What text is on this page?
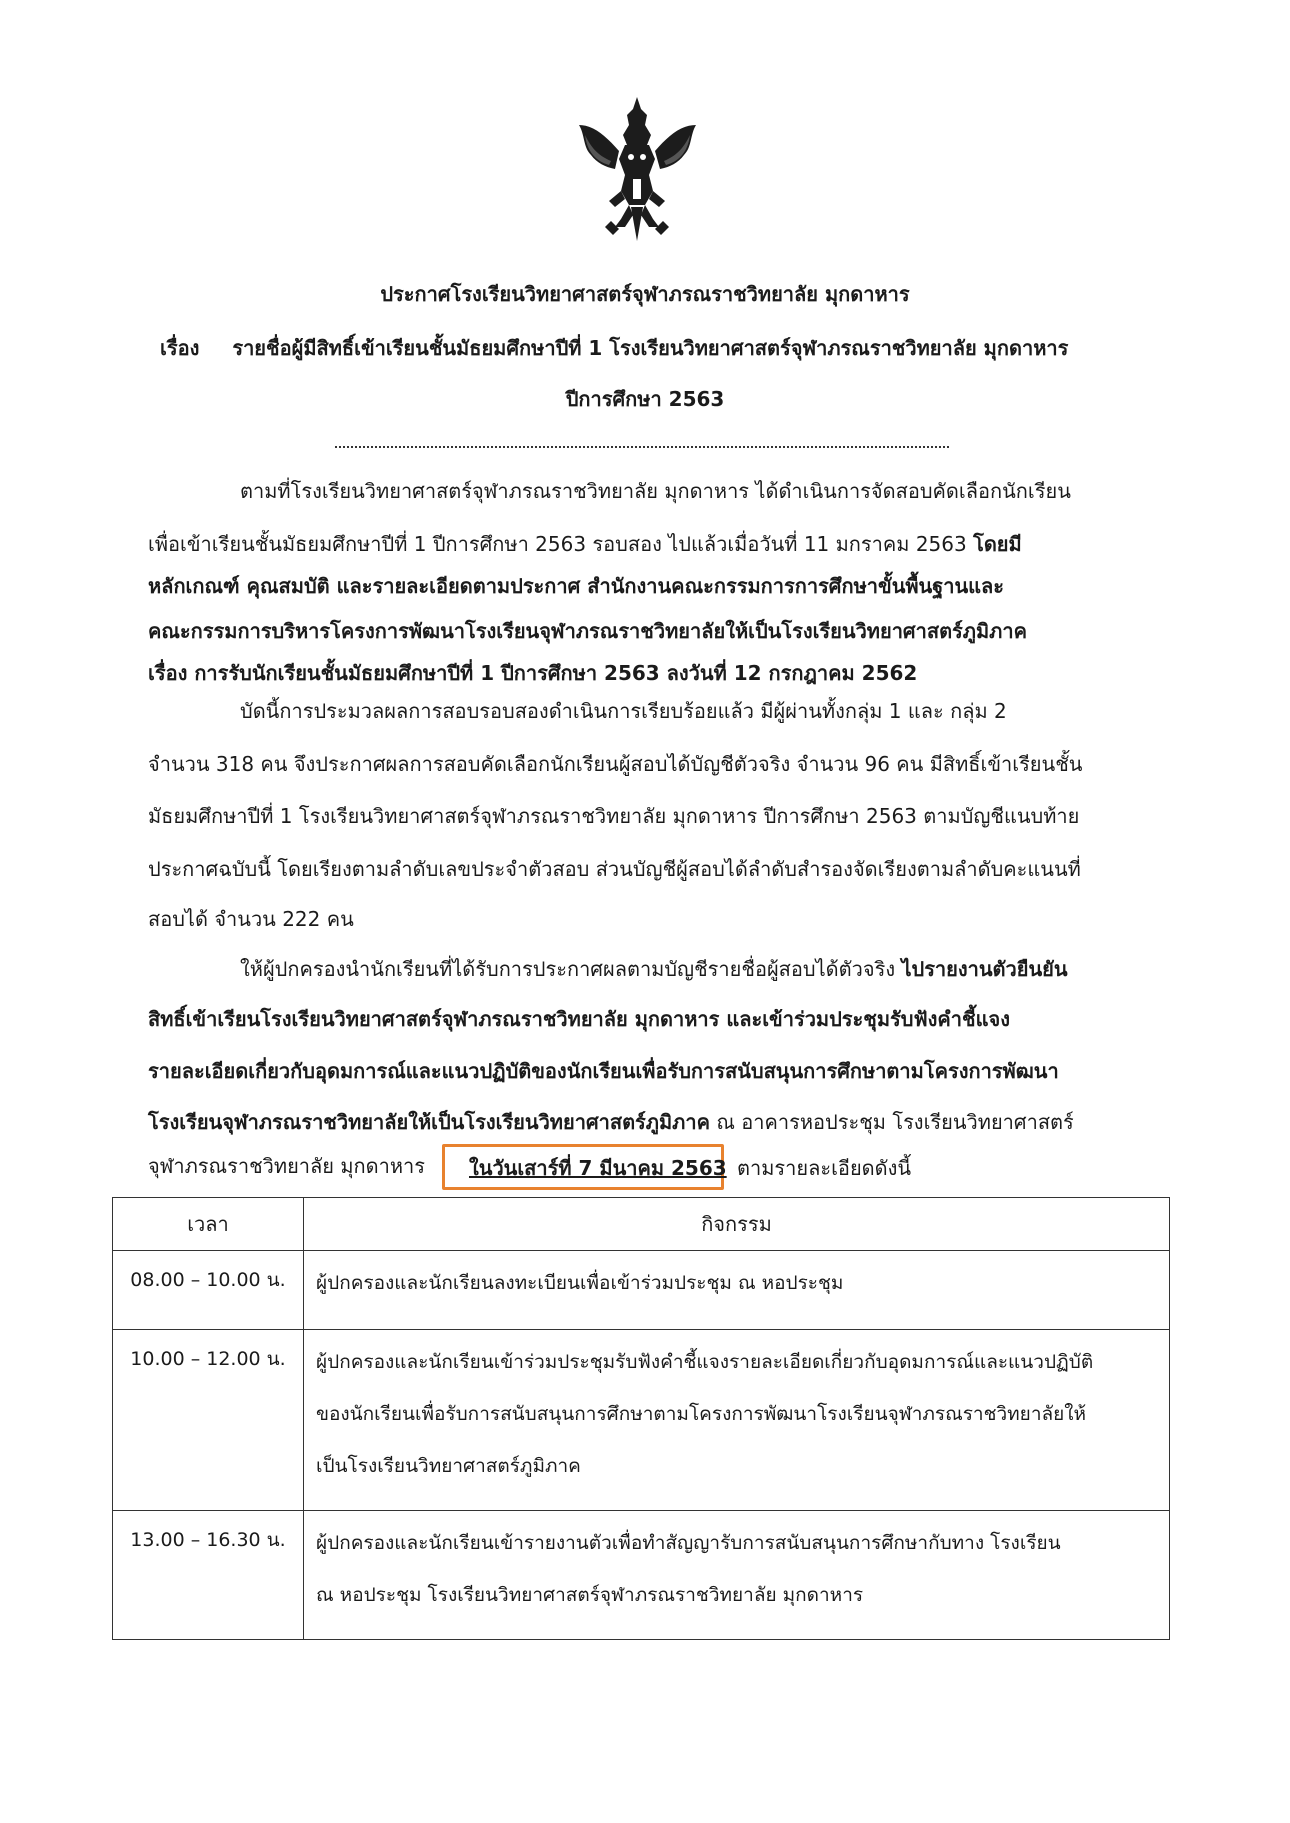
ประกาศโรงเรียนวิทยาศาสตร์จุฬาภรณราชวิทยาลัย มุกดาหาร
เรื่อง รายชื่อผู้มีสิทธิ์เข้าเรียนชั้นมัธยมศึกษาปีที่ 1 โรงเรียนวิทยาศาสตร์จุฬาภรณราชวิทยาลัย มุกดาหาร
ปีการศึกษา 2563
ตามที่โรงเรียนวิทยาศาสตร์จุฬาภรณราชวิทยาลัย มุกดาหาร ได้ดำเนินการจัดสอบคัดเลือกนักเรียน
เพื่อเข้าเรียนชั้นมัธยมศึกษาปีที่ 1 ปีการศึกษา 2563 รอบสอง ไปแล้วเมื่อวันที่ 11 มกราคม 2563 โดยมี
หลักเกณฑ์ คุณสมบัติ และรายละเอียดตามประกาศ สำนักงานคณะกรรมการการศึกษาขั้นพื้นฐานและ
คณะกรรมการบริหารโครงการพัฒนาโรงเรียนจุฬาภรณราชวิทยาลัยให้เป็นโรงเรียนวิทยาศาสตร์ภูมิภาค
เรื่อง การรับนักเรียนชั้นมัธยมศึกษาปีที่ 1 ปีการศึกษา 2563 ลงวันที่ 12 กรกฎาคม 2562
บัดนี้การประมวลผลการสอบรอบสองดำเนินการเรียบร้อยแล้ว มีผู้ผ่านทั้งกลุ่ม 1 และ กลุ่ม 2
จำนวน 318 คน จึงประกาศผลการสอบคัดเลือกนักเรียนผู้สอบได้บัญชีตัวจริง จำนวน 96 คน มีสิทธิ์เข้าเรียนชั้น
มัธยมศึกษาปีที่ 1 โรงเรียนวิทยาศาสตร์จุฬาภรณราชวิทยาลัย มุกดาหาร ปีการศึกษา 2563 ตามบัญชีแนบท้าย
ประกาศฉบับนี้ โดยเรียงตามลำดับเลขประจำตัวสอบ ส่วนบัญชีผู้สอบได้ลำดับสำรองจัดเรียงตามลำดับคะแนนที่
สอบได้ จำนวน 222 คน
ให้ผู้ปกครองนำนักเรียนที่ได้รับการประกาศผลตามบัญชีรายชื่อผู้สอบได้ตัวจริง ไปรายงานตัวยืนยัน
สิทธิ์เข้าเรียนโรงเรียนวิทยาศาสตร์จุฬาภรณราชวิทยาลัย มุกดาหาร และเข้าร่วมประชุมรับฟังคำชี้แจง
รายละเอียดเกี่ยวกับอุดมการณ์และแนวปฏิบัติของนักเรียนเพื่อรับการสนับสนุนการศึกษาตามโครงการพัฒนา
โรงเรียนจุฬาภรณราชวิทยาลัยให้เป็นโรงเรียนวิทยาศาสตร์ภูมิภาค ณ อาคารหอประชุม โรงเรียนวิทยาศาสตร์
จุฬาภรณราชวิทยาลัย มุกดาหาร	ในวันเสาร์ที่ 7 มีนาคม 2563 ตามรายละเอียดดังนี้
เวลา	กิจกรรม
08.00 – 10.00 น.	ผู้ปกครองและนักเรียนลงทะเบียนเพื่อเข้าร่วมประชุม ณ หอประชุม

10.00 – 12.00 น.	ผู้ปกครองและนักเรียนเข้าร่วมประชุมรับฟังคำชี้แจงรายละเอียดเกี่ยวกับอุดมการณ์และแนวปฏิบัติ
ของนักเรียนเพื่อรับการสนับสนุนการศึกษาตามโครงการพัฒนาโรงเรียนจุฬาภรณราชวิทยาลัยให้
เป็นโรงเรียนวิทยาศาสตร์ภูมิภาค

13.00 – 16.30 น.	ผู้ปกครองและนักเรียนเข้ารายงานตัวเพื่อทำสัญญารับการสนับสนุนการศึกษากับทาง โรงเรียน
ณ หอประชุม โรงเรียนวิทยาศาสตร์จุฬาภรณราชวิทยาลัย มุกดาหาร
